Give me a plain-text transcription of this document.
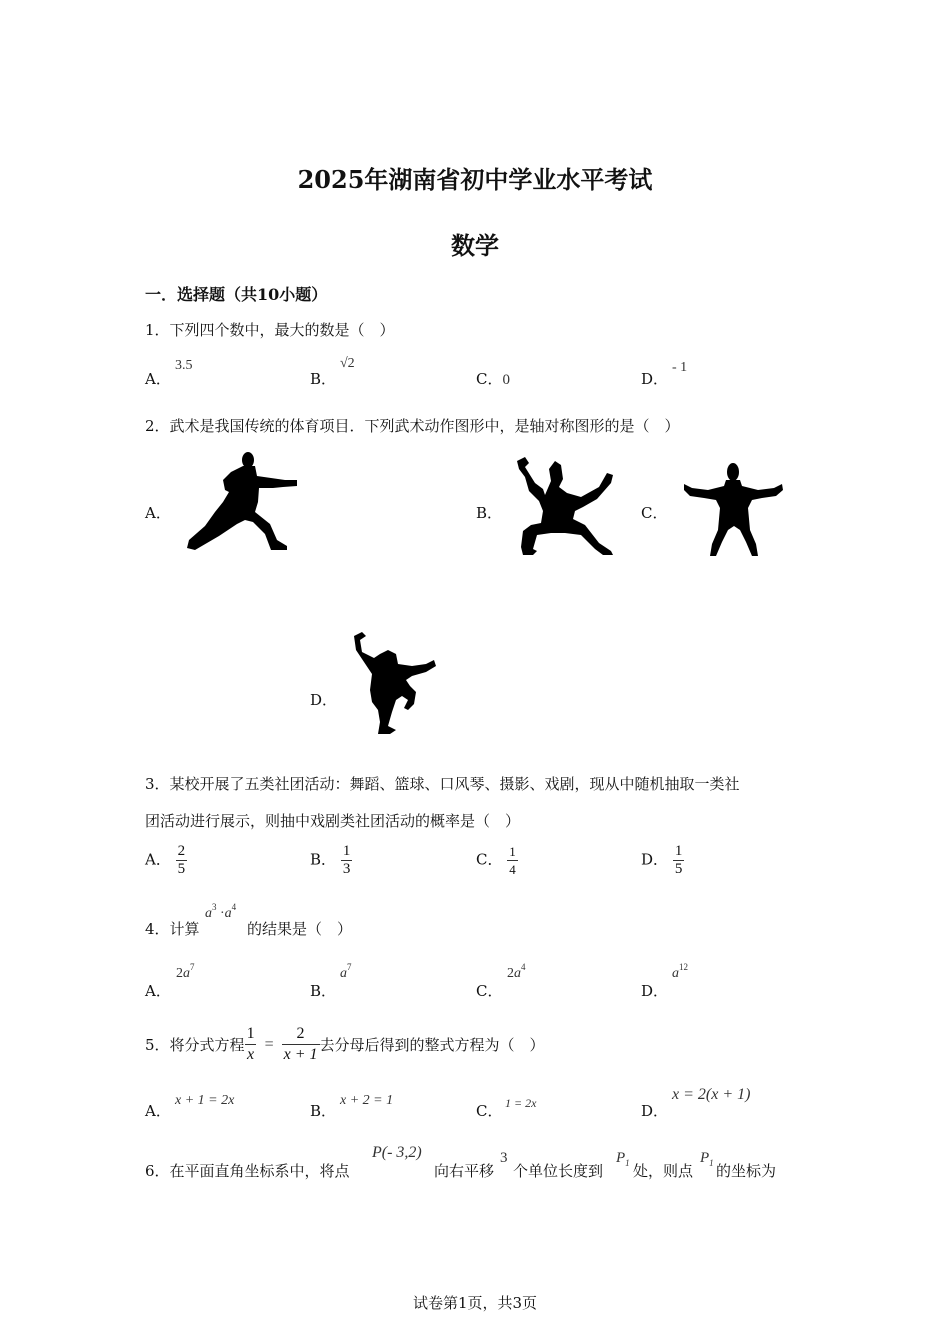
2025年湖南省初中学业水平考试
数学
一．选择题（共10小题）
1．下列四个数中，最大的数是（　）
A．
3.5
B．
√2
C．0	D．
- 1
2．武术是我国传统的体育项目．下列武术动作图形中，是轴对称图形的是（　）
A．	B．	C．
D．
3．某校开展了五类社团活动：舞蹈、篮球、口风琴、摄影、戏剧，现从中随机抽取一类社
团活动进行展示，则抽中戏剧类社团活动的概率是（　）
A． $\frac{2}{5}$	B． $\frac{1}{3}$	C． $\frac{1}{4}$	D． $\frac{1}{5}$
4．计算
$a^3 \cdot a^4$
的结果是（　）
A．
$2a^7$
B．
$a^7$
C．
$2a^4$
D．
$a^{12}$
5． 将分式方程 $\frac{1}{x} = \frac{2}{x + 1}$ 去分母后得到的整式方程为（　）
A．
x + 1 = 2x
B．
x + 2 = 1
C． 1 = 2x	D．
x = 2(x + 1)
6．在平面直角坐标系中，将点
P(- 3,2)
向右平移
3
个单位长度到
$P_1$ 处，则点
$P_1$ 的坐标为
试卷第1页，共3页
